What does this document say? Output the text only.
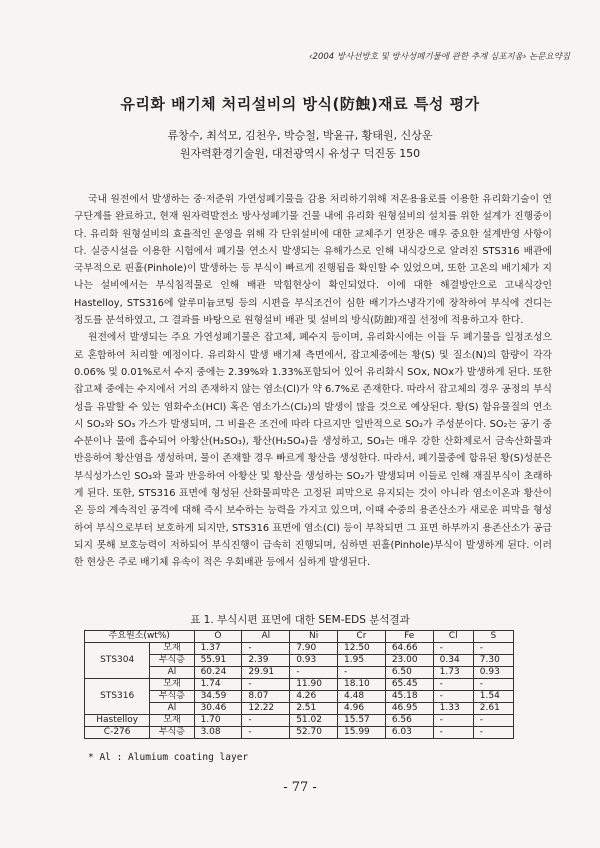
‹2004 방사선방호 및 방사성폐기물에 관한 추계 심포지움› 논문요약집
유리화 배기체 처리설비의 방식(防蝕)재료 특성 평가
류창수, 최석모, 김천우, 박승철, 박윤규, 황태원, 신상운
원자력환경기술원, 대전광역시 유성구 덕진동 150

국내 원전에서 발생하는 중·저준위 가연성폐기물을 감용 처리하기위해 저온용융로를 이용한 유리화기술이 연구단계를 완료하고, 현재 원자력발전소 방사성폐기물 건물 내에 유리화 원형설비의 설치를 위한 설계가 진행중이다. 유리화 원형설비의 효율적인 운영을 위해 각 단위설비에 대한 교체주기 연장은 매우 중요한 설계반영 사항이다. 실증시설을 이용한 시험에서 폐기물 연소시 발생되는 유해가스로 인해 내식강으로 알려진 STS316 배관에 국부적으로 핀홀(Pinhole)이 발생하는 등 부식이 빠르게 진행됨을 확인할 수 있었으며, 또한 고온의 배기체가 지나는 설비에서는 부식침적물로 인해 배관 막힘현상이 확인되었다. 이에 대한 해결방안으로 고내식강인 Hastelloy, STS316에 알루미늄코팅 등의 시편을 부식조건이 심한 배기가스냉각기에 장착하여 부식에 견디는 정도를 분석하였고, 그 결과를 바탕으로 원형설비 배관 및 설비의 방식(防蝕)재질 선정에 적용하고자 한다.

원전에서 발생되는 주요 가연성폐기물은 잡고체, 폐수지 등이며, 유리화시에는 이들 두 폐기물을 일정조성으로 혼합하여 처리할 예정이다. 유리화시 발생 배기체 측면에서, 잡고체중에는 황(S) 및 질소(N)의 함량이 각각 0.06% 및 0.01%로서 수지 중에는 2.39%와 1.33%포함되어 있어 유리화시 SOx, NOx가 발생하게 된다. 또한 잡고체 중에는 수지에서 거의 존재하지 않는 염소(Cl)가 약 6.7%로 존재한다. 따라서 잡고체의 경우 공정의 부식성을 유발할 수 있는 염화수소(HCl) 혹은 염소가스(Cl₂)의 발생이 많을 것으로 예상된다. 황(S) 함유물질의 연소시 SO₂와 SO₃ 가스가 발생되며, 그 비율은 조건에 따라 다르지만 일반적으로 SO₂가 주성분이다. SO₂는 공기 중 수분이나 물에 흡수되어 아황산(H₂SO₃), 황산(H₂SO₄)을 생성하고, SO₃는 매우 강한 산화제로서 금속산화물과 반응하여 황산염을 생성하며, 물이 존재할 경우 빠르게 황산을 생성한다. 따라서, 폐기물중에 함유된 황(S)성분은 부식성가스인 SO₃와 물과 반응하여 아황산 및 황산을 생성하는 SO₂가 발생되며 이들로 인해 재질부식이 초래하게 된다. 또한, STS316 표면에 형성된 산화물피막은 고정된 피막으로 유지되는 것이 아니라 염소이온과 황산이온 등의 계속적인 공격에 대해 즉시 보수하는 능력을 가지고 있으며, 이때 수중의 용존산소가 새로운 피막을 형성하여 부식으로부터 보호하게 되지만, STS316 표면에 염소(Cl) 등이 부착되면 그 표면 하부까지 용존산소가 공급되지 못해 보호능력이 저하되어 부식진행이 급속히 진행되며, 심하면 핀홀(Pinhole)부식이 발생하게 된다. 이러한 현상은 주로 배기체 유속이 적은 우회배관 등에서 심하게 발생된다.

표 1. 부식시편 표면에 대한 SEM-EDS 분석결과
주요원소(wt%)		O	Al	Ni	Cr	Fe	Cl	S
STS304	모재	1.37	-	7.90	12.50	64.66	-	-
	부식층	55.91	2.39	0.93	1.95	23.00	0.34	7.30
	Al	60.24	29.91	-	-	6.50	1.73	0.93
STS316	모재	1.74	-	11.90	18.10	65.45	-	-
	부식층	34.59	8.07	4.26	4.48	45.18	-	1.54
	Al	30.46	12.22	2.51	4.96	46.95	1.33	2.61
Hastelloy	모재	1.70	-	51.02	15.57	6.56	-	-
C-276	부식층	3.08	-	52.70	15.99	6.03	-	-
* Al : Alumium coating layer
- 77 -
